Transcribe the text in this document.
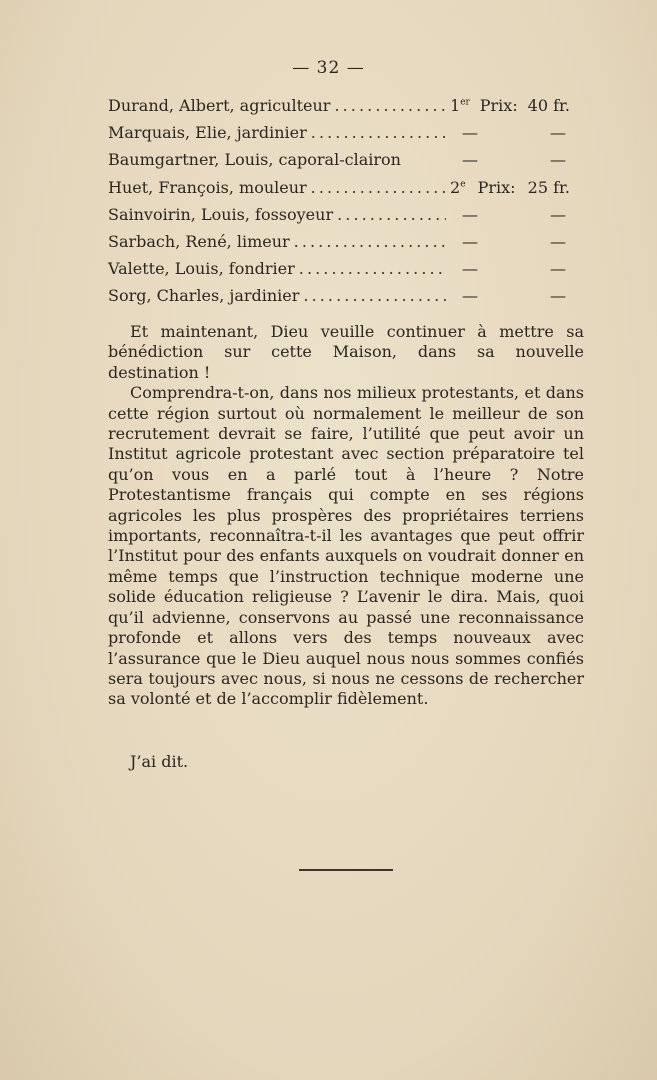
— 32 —
Durand, Albert, agriculteur . . .	1er Prix: 40 fr.
Marquais, Elie, jardinier . . .	—	—
Baumgartner, Louis, caporal-clairon	—	—
Huet, François, mouleur . . .	2e Prix: 25 fr.
Sainvoirin, Louis, fossoyeur . . .	—	—
Sarbach, René, limeur . . .	—	—
Valette, Louis, fondrier . . .	—	—
Sorg, Charles, jardinier . . .	—	—

Et maintenant, Dieu veuille continuer à mettre sa bénédiction sur cette Maison, dans sa nouvelle destination !

Comprendra-t-on, dans nos milieux protestants, et dans cette région surtout où normalement le meilleur de son recrutement devrait se faire, l’utilité que peut avoir un Institut agricole protestant avec section préparatoire tel qu’on vous en a parlé tout à l’heure ? Notre Protestantisme français qui compte en ses régions agricoles les plus prospères des propriétaires terriens importants, reconnaîtra-t-il les avantages que peut offrir l’Institut pour des enfants auxquels on voudrait donner en même temps que l’instruction technique moderne une solide éducation religieuse ? L’avenir le dira. Mais, quoi qu’il advienne, conservons au passé une reconnaissance profonde et allons vers des temps nouveaux avec l’assurance que le Dieu auquel nous nous sommes confiés sera toujours avec nous, si nous ne cessons de rechercher sa volonté et de l’accomplir fidèlement.

J’ai dit.
